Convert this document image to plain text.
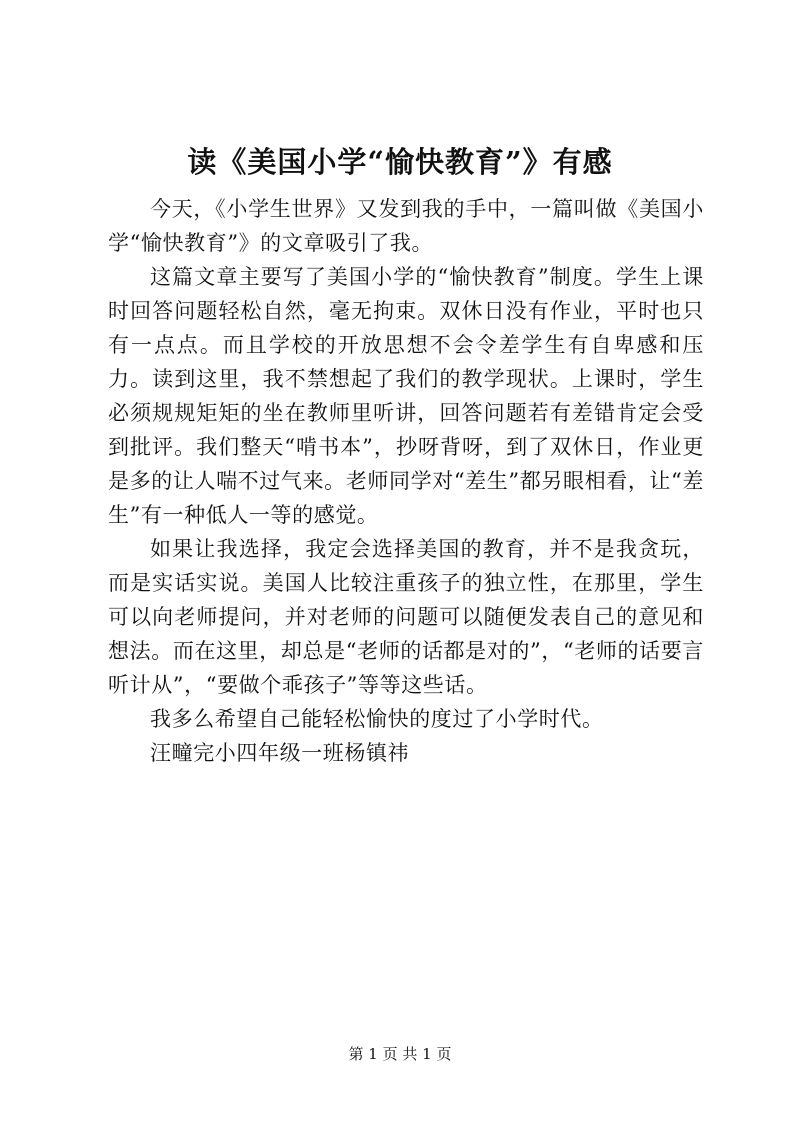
读《美国小学“愉快教育”》有感

今天，《小学生世界》又发到我的手中，一篇叫做《美国小学“愉快教育”》的文章吸引了我。

这篇文章主要写了美国小学的“愉快教育”制度。学生上课时回答问题轻松自然，毫无拘束。双休日没有作业，平时也只有一点点。而且学校的开放思想不会令差学生有自卑感和压力。读到这里，我不禁想起了我们的教学现状。上课时，学生必须规规矩矩的坐在教师里听讲，回答问题若有差错肯定会受到批评。我们整天“啃书本”，抄呀背呀，到了双休日，作业更是多的让人喘不过气来。老师同学对“差生”都另眼相看，让“差生”有一种低人一等的感觉。

如果让我选择，我定会选择美国的教育，并不是我贪玩，而是实话实说。美国人比较注重孩子的独立性，在那里，学生可以向老师提问，并对老师的问题可以随便发表自己的意见和想法。而在这里，却总是“老师的话都是对的”，“老师的话要言听计从”，“要做个乖孩子”等等这些话。

我多么希望自己能轻松愉快的度过了小学时代。

汪疃完小四年级一班杨镇祎

第 1 页 共 1 页
